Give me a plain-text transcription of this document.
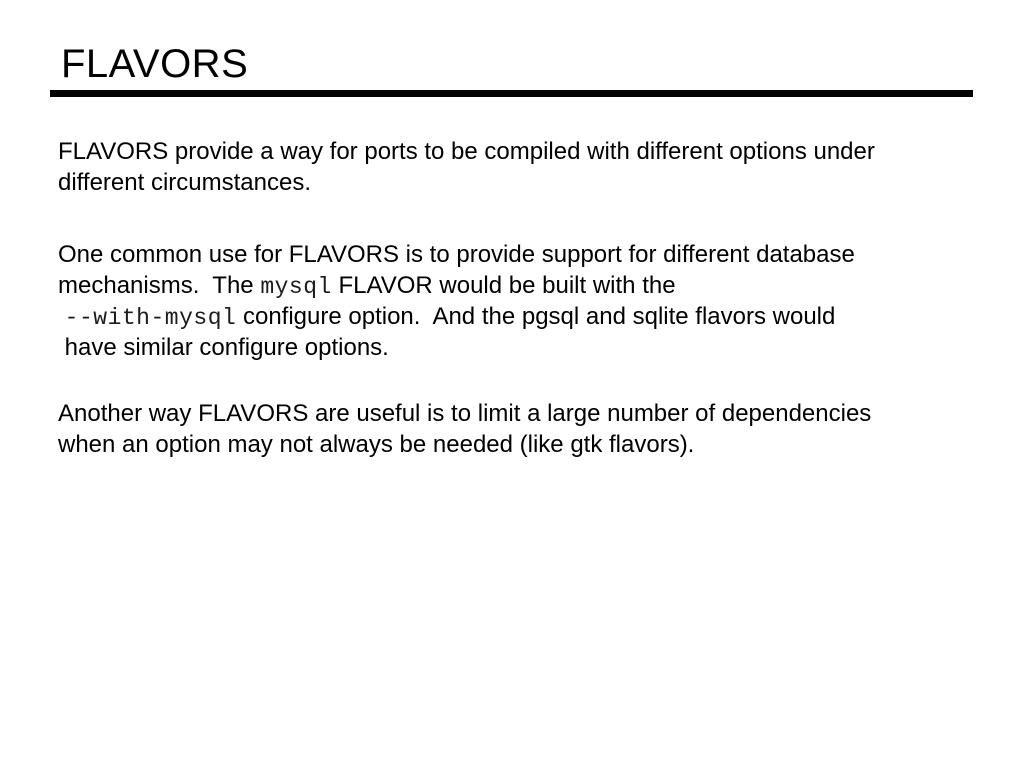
FLAVORS
FLAVORS provide a way for ports to be compiled with different options under
different circumstances.
One common use for FLAVORS is to provide support for different database
mechanisms.  The mysql FLAVOR would be built with the
--with-mysql configure option.  And the pgsql and sqlite flavors would
have similar configure options.
Another way FLAVORS are useful is to limit a large number of dependencies
when an option may not always be needed (like gtk flavors).
